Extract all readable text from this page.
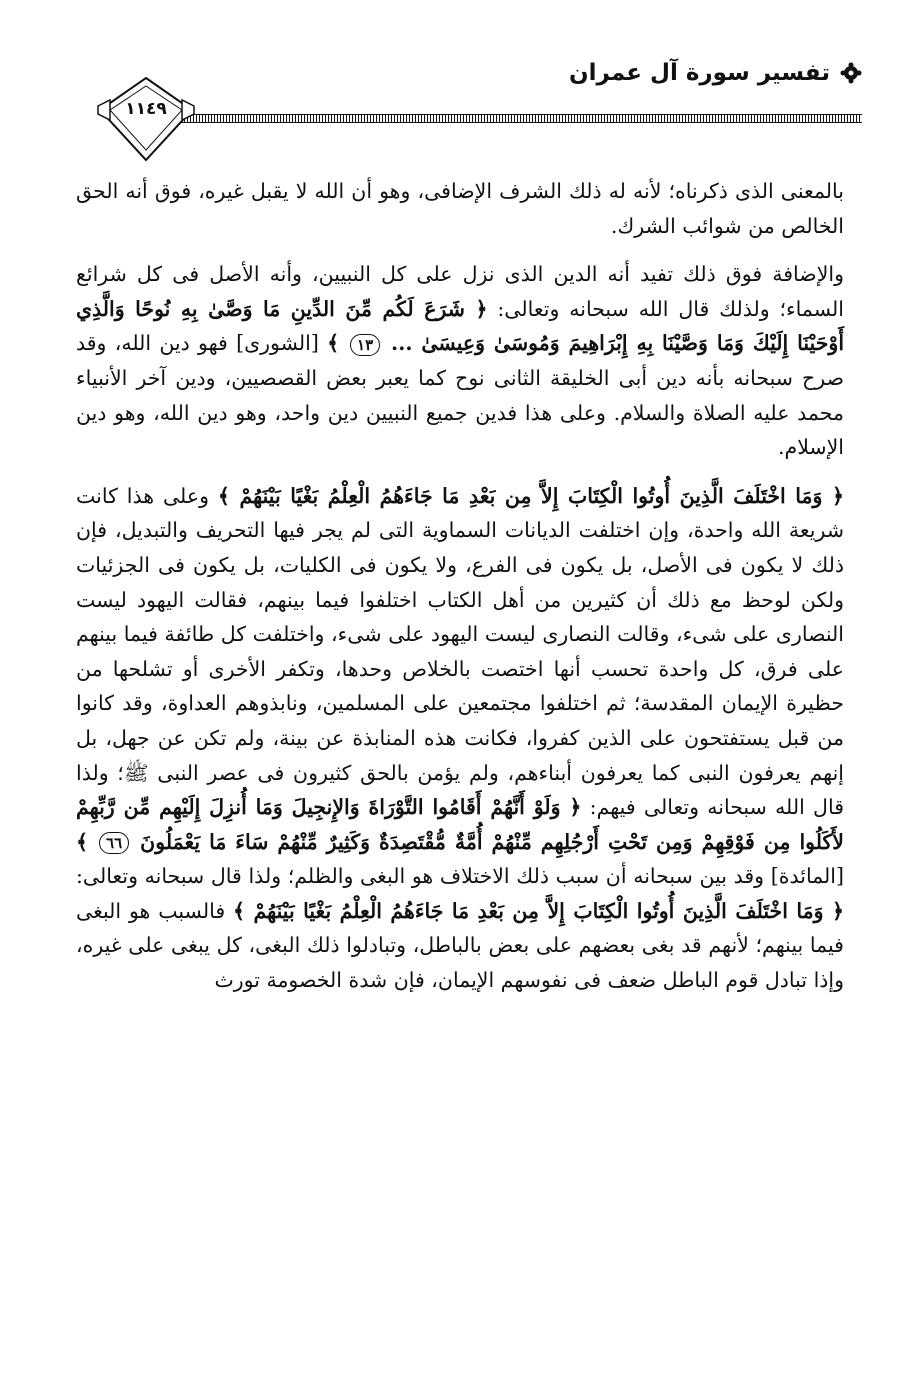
تفسير سورة آل عمران
١١٤٩

بالمعنى الذى ذكرناه؛ لأنه له ذلك الشرف الإضافى، وهو أن الله لا يقبل غيره، فوق أنه الحق الخالص من شوائب الشرك.

والإضافة فوق ذلك تفيد أنه الدين الذى نزل على كل النبيين، وأنه الأصل فى كل شرائع السماء؛ ولذلك قال الله سبحانه وتعالى: ﴿ شَرَعَ لَكُم مِّنَ الدِّينِ مَا وَصَّىٰ بِهِ نُوحًا وَالَّذِي أَوْحَيْنَا إِلَيْكَ وَمَا وَصَّيْنَا بِهِ إِبْرَاهِيمَ وَمُوسَىٰ وَعِيسَىٰ ... ١٣ ﴾ [الشورى] فهو دين الله، وقد صرح سبحانه بأنه دين أبى الخليقة الثانى نوح كما يعبر بعض القصصيين، ودين آخر الأنبياء محمد عليه الصلاة والسلام. وعلى هذا فدين جميع النبيين دين واحد، وهو دين الله، وهو دين الإسلام.

﴿ وَمَا اخْتَلَفَ الَّذِينَ أُوتُوا الْكِتَابَ إِلاَّ مِن بَعْدِ مَا جَاءَهُمُ الْعِلْمُ بَغْيًا بَيْنَهُمْ ﴾ وعلى هذا كانت شريعة الله واحدة، وإن اختلفت الديانات السماوية التى لم يجر فيها التحريف والتبديل، فإن ذلك لا يكون فى الأصل، بل يكون فى الفرع، ولا يكون فى الكليات، بل يكون فى الجزئيات ولكن لوحظ مع ذلك أن كثيرين من أهل الكتاب اختلفوا فيما بينهم، فقالت اليهود ليست النصارى على شىء، وقالت النصارى ليست اليهود على شىء، واختلفت كل طائفة فيما بينهم على فرق، كل واحدة تحسب أنها اختصت بالخلاص وحدها، وتكفر الأخرى أو تشلحها من حظيرة الإيمان المقدسة؛ ثم اختلفوا مجتمعين على المسلمين، ونابذوهم العداوة، وقد كانوا من قبل يستفتحون على الذين كفروا، فكانت هذه المنابذة عن بينة، ولم تكن عن جهل، بل إنهم يعرفون النبى كما يعرفون أبناءهم، ولم يؤمن بالحق كثيرون فى عصر النبى ﷺ؛ ولذا قال الله سبحانه وتعالى فيهم: ﴿ وَلَوْ أَنَّهُمْ أَقَامُوا التَّوْرَاةَ وَالإِنجِيلَ وَمَا أُنزِلَ إِلَيْهِم مِّن رَّبِّهِمْ لأَكَلُوا مِن فَوْقِهِمْ وَمِن تَحْتِ أَرْجُلِهِم مِّنْهُمْ أُمَّةٌ مُّقْتَصِدَةٌ وَكَثِيرٌ مِّنْهُمْ سَاءَ مَا يَعْمَلُونَ ٦٦ ﴾ [المائدة] وقد بين سبحانه أن سبب ذلك الاختلاف هو البغى والظلم؛ ولذا قال سبحانه وتعالى: ﴿ وَمَا اخْتَلَفَ الَّذِينَ أُوتُوا الْكِتَابَ إِلاَّ مِن بَعْدِ مَا جَاءَهُمُ الْعِلْمُ بَغْيًا بَيْنَهُمْ ﴾ فالسبب هو البغى فيما بينهم؛ لأنهم قد بغى بعضهم على بعض بالباطل، وتبادلوا ذلك البغى، كل يبغى على غيره، وإذا تبادل قوم الباطل ضعف فى نفوسهم الإيمان، فإن شدة الخصومة تورث
